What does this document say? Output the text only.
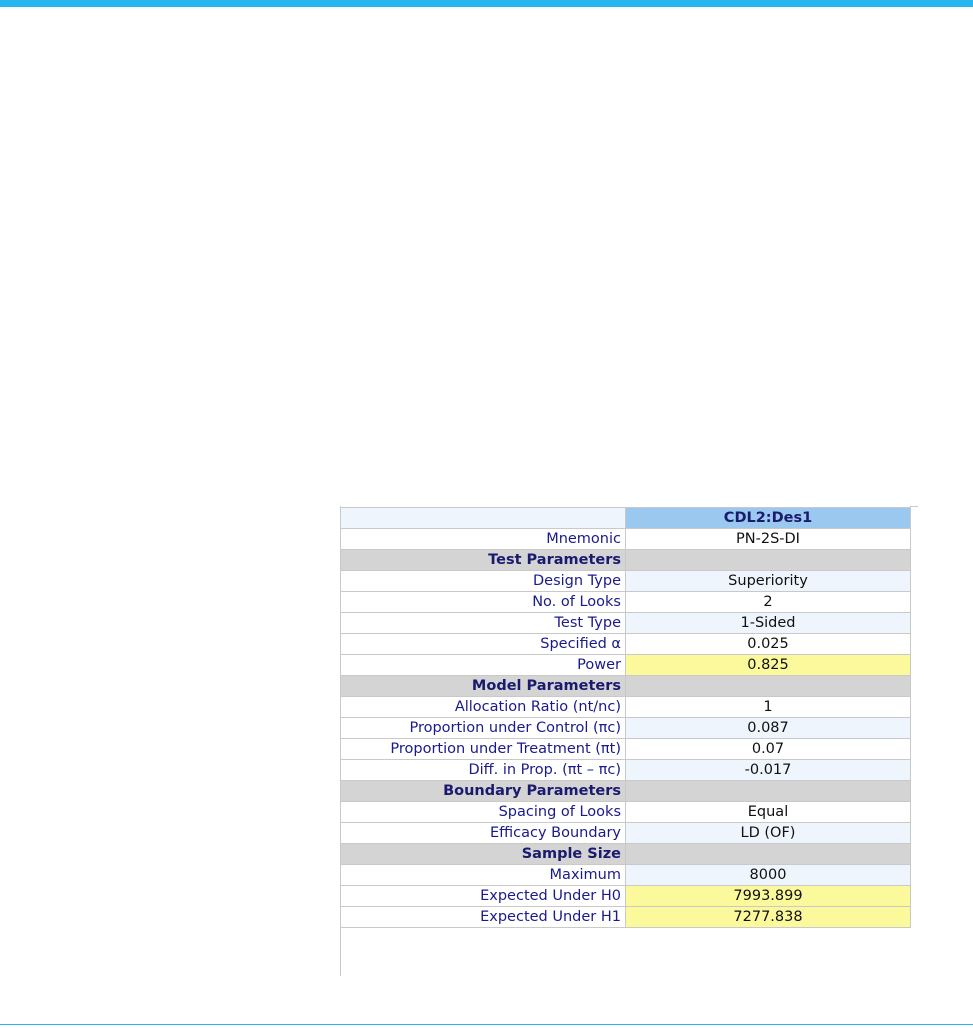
	CDL2:Des1
Mnemonic	PN-2S-DI
Test Parameters	
Design Type	Superiority
No. of Looks	2
Test Type	1-Sided
Specified α	0.025
Power	0.825
Model Parameters	
Allocation Ratio (nt/nc)	1
Proportion under Control (πc)	0.087
Proportion under Treatment (πt)	0.07
Diff. in Prop. (πt – πc)	-0.017
Boundary Parameters	
Spacing of Looks	Equal
Efficacy Boundary	LD (OF)
Sample Size	
Maximum	8000
Expected Under H0	7993.899
Expected Under H1	7277.838
